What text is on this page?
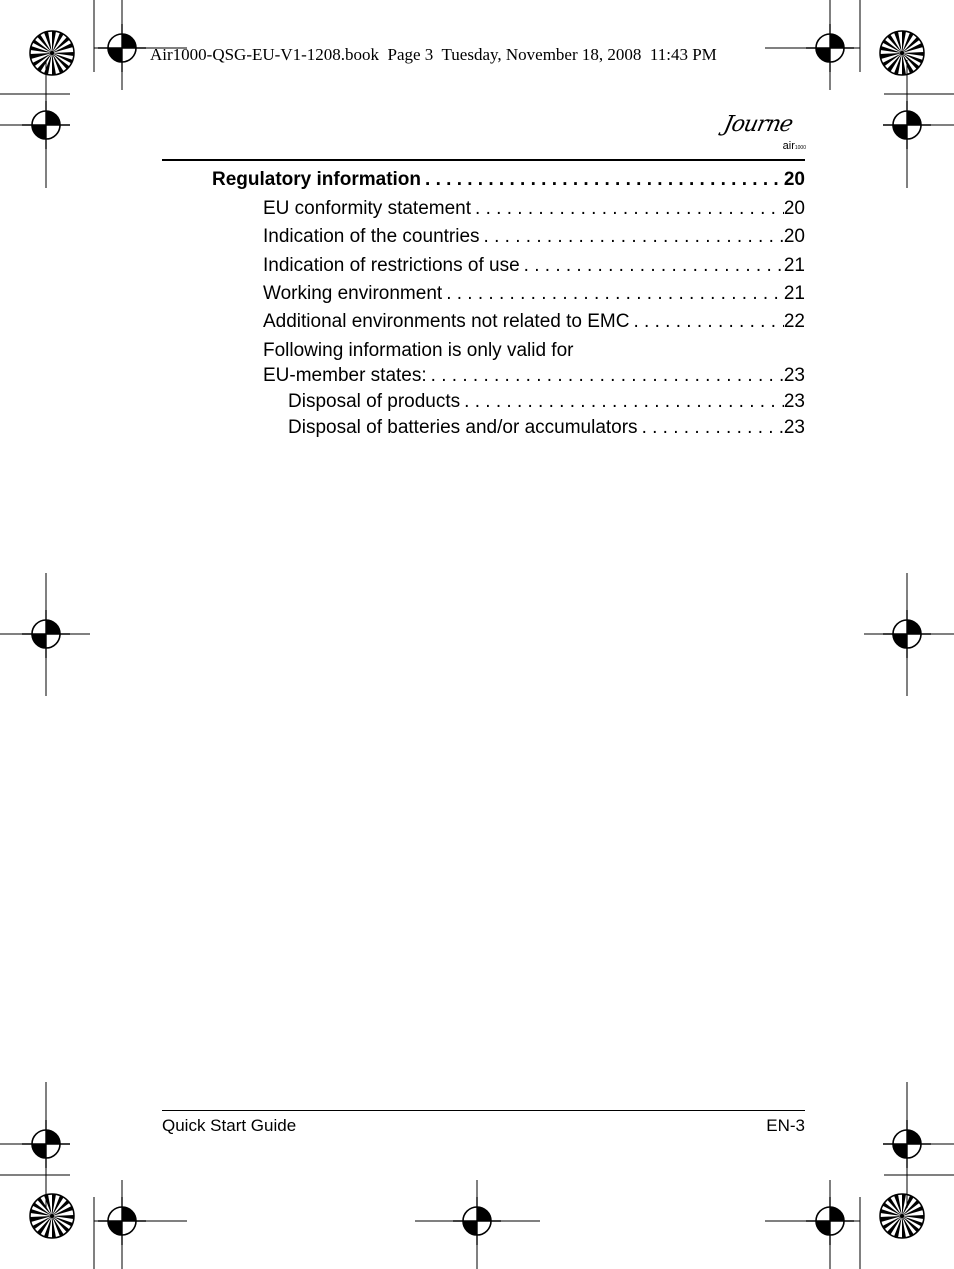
Air1000-QSG-EU-V1-1208.book  Page 3  Tuesday, November 18, 2008  11:43 PM
Journe
air1000
Regulatory information . . .	20
EU conformity statement . . .	20
Indication of the countries . . .	20
Indication of restrictions of use . . .	21
Working environment . . .	21
Additional environments not related to EMC . . .	22
Following information is only valid for
EU-member states: . . .	23
Disposal of products . . .	23
Disposal of batteries and/or accumulators . . .	23
Quick Start Guide	EN-3
